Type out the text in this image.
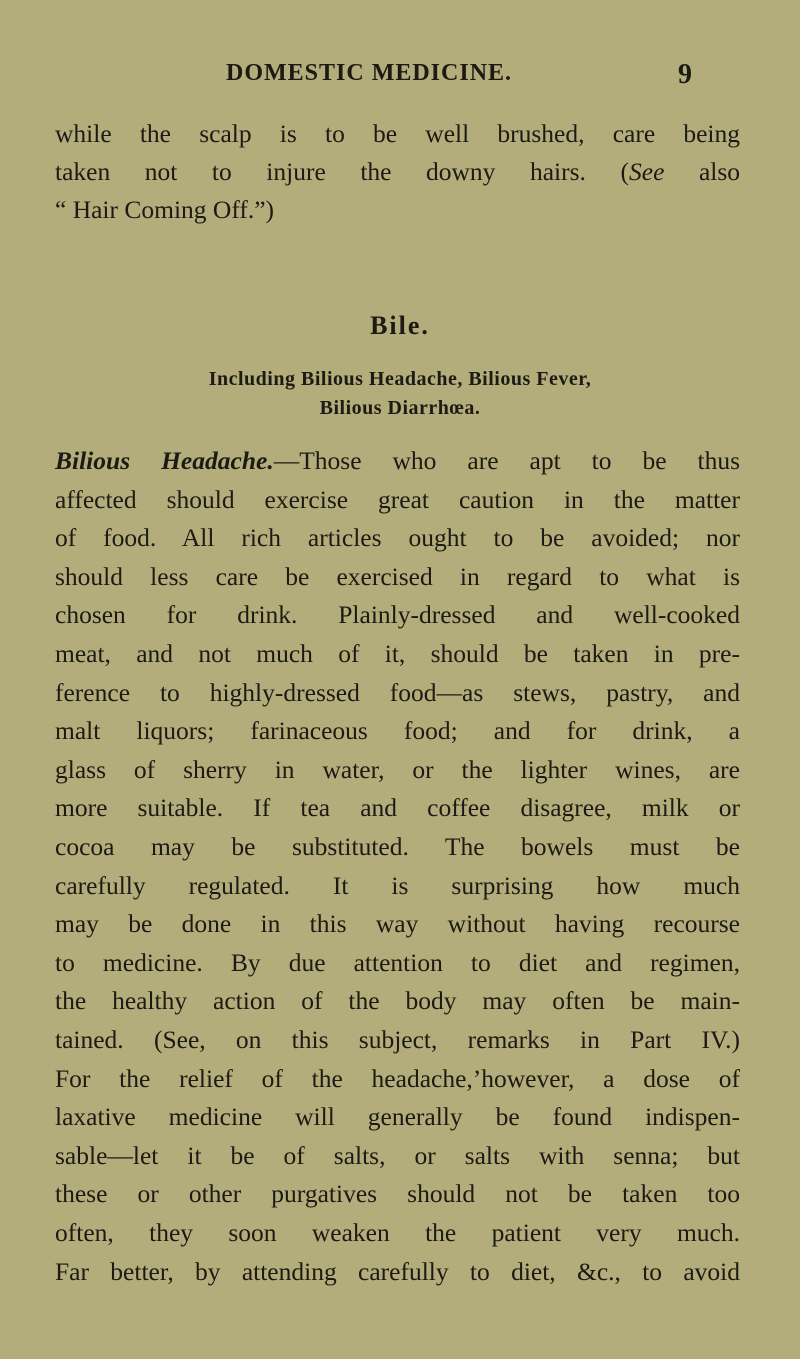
DOMESTIC MEDICINE.	9
while the scalp is to be well brushed, care being
taken not to injure the downy hairs. (See also
“ Hair Coming Off.”)
Bile.
Including Bilious Headache, Bilious Fever,
Bilious Diarrhœa.
Bilious Headache.—Those who are apt to be thus
affected should exercise great caution in the matter
of food. All rich articles ought to be avoided; nor
should less care be exercised in regard to what is
chosen for drink. Plainly-dressed and well-cooked
meat, and not much of it, should be taken in pre-
ference to highly-dressed food—as stews, pastry, and
malt liquors; farinaceous food; and for drink, a
glass of sherry in water, or the lighter wines, are
more suitable. If tea and coffee disagree, milk or
cocoa may be substituted. The bowels must be
carefully regulated. It is surprising how much
may be done in this way without having recourse
to medicine. By due attention to diet and regimen,
the healthy action of the body may often be main-
tained. (See, on this subject, remarks in Part IV.)
For the relief of the headache,’however, a dose of
laxative medicine will generally be found indispen-
sable—let it be of salts, or salts with senna; but
these or other purgatives should not be taken too
often, they soon weaken the patient very much.
Far better, by attending carefully to diet, &c., to avoid
